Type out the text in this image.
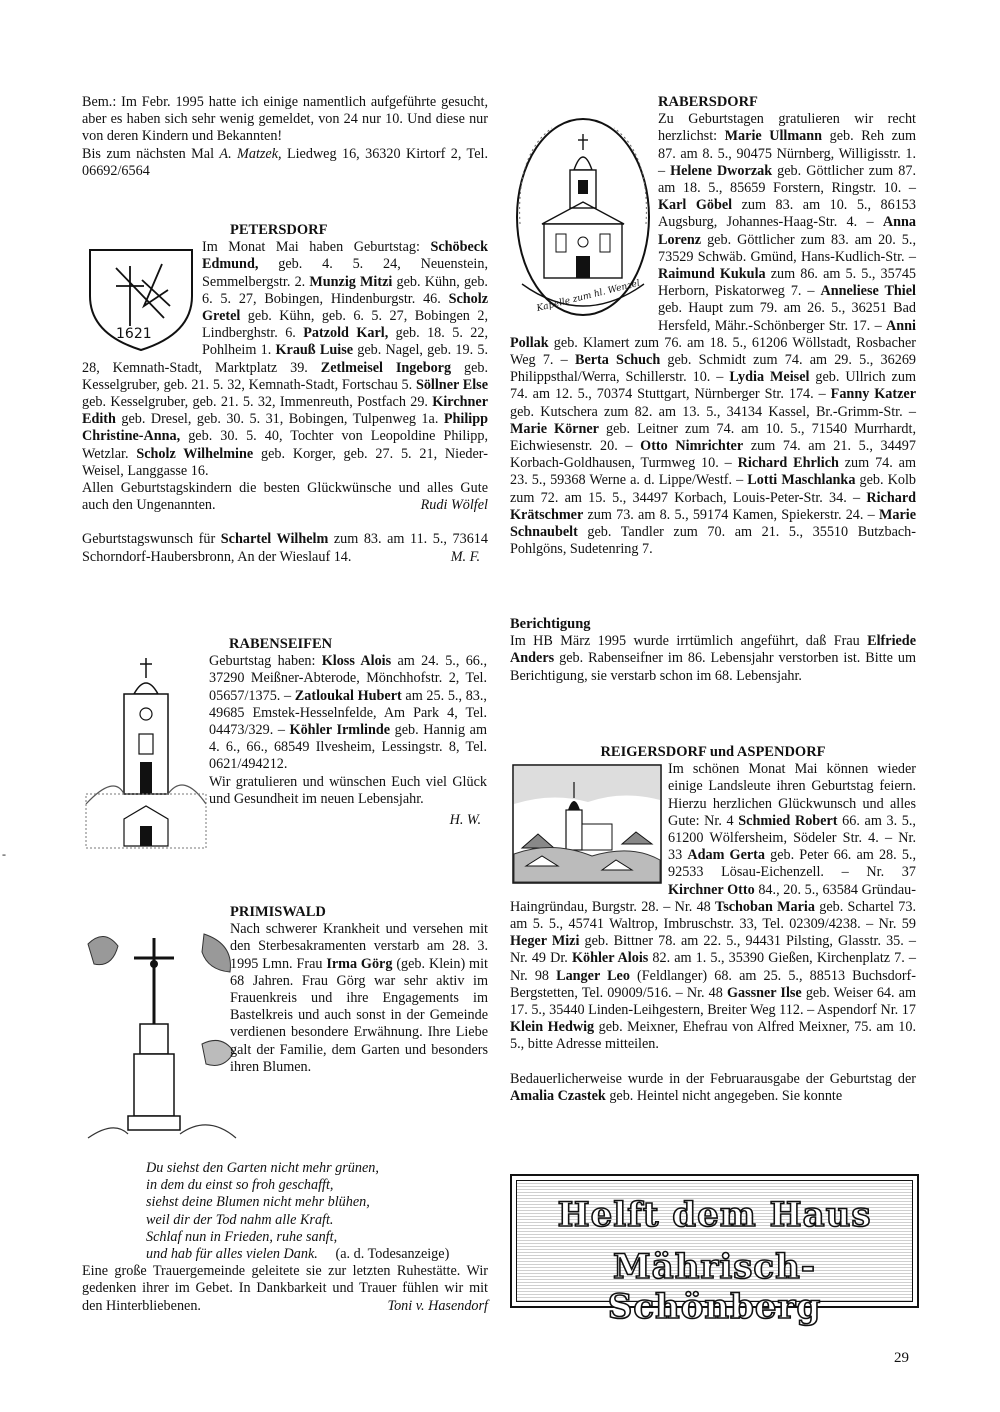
Bem.: Im Febr. 1995 hatte ich einige namentlich aufgeführte gesucht, aber es haben sich sehr wenig gemeldet, von 24 nur 10. Und diese nur von deren Kindern und Bekannten!

Bis zum nächsten Mal A. Matzek, Liedweg 16, 36320 Kirtorf 2, Tel. 06692/6564

1621

PETERSDORF

Im Monat Mai haben Geburtstag: Schöbeck Edmund, geb. 4. 5. 24, Neuenstein, Semmelbergstr. 2. Munzig Mitzi geb. Kühn, geb. 6. 5. 27, Bobingen, Hindenburgstr. 46. Scholz Gretel geb. Kühn, geb. 6. 5. 27, Bobingen 2, Lindberghstr. 6. Patzold Karl, geb. 18. 5. 22, Pohlheim 1. Krauß Luise geb. Nagel, geb. 19. 5. 28, Kemnath-Stadt, Marktplatz 39. Zetlmeisel Ingeborg geb. Kesselgruber, geb. 21. 5. 32, Kemnath-Stadt, Fortschau 5. Söllner Else geb. Kesselgruber, geb. 21. 5. 32, Immenreuth, Postfach 29. Kirchner Edith geb. Dresel, geb. 30. 5. 31, Bobingen, Tulpenweg 1a. Philipp Christine-Anna, geb. 30. 5. 40, Tochter von Leopoldine Philipp, Wetzlar. Scholz Wilhelmine geb. Korger, geb. 27. 5. 21, Nieder-Weisel, Langgasse 16.

Allen Geburtstagskindern die besten Glückwünsche und alles Gute auch den Ungenannten.	Rudi Wölfel

Geburtstagswunsch für Schartel Wilhelm zum 83. am 11. 5., 73614 Schorndorf-Haubersbronn, An der Wieslauf 14.	M. F.

RABENSEIFEN

Geburtstag haben: Kloss Alois am 24. 5., 66., 37290 Meißner-Abterode, Mönchhofstr. 2, Tel. 05657/1375. – Zatloukal Hubert am 25. 5., 83., 49685 Emstek-Hesselnfelde, Am Park 4, Tel. 04473/329. – Köhler Irmlinde geb. Hannig am 4. 6., 66., 68549 Ilvesheim, Lessingstr. 8, Tel. 0621/494212.

Wir gratulieren und wünschen Euch viel Glück und Gesundheit im neuen Lebensjahr.

H. W.

PRIMISWALD

Nach schwerer Krankheit und versehen mit den Sterbesakramenten verstarb am 28. 3. 1995 Lmn. Frau Irma Görg (geb. Klein) mit 68 Jahren. Frau Görg war sehr aktiv im Frauenkreis und ihre Engagements im Bastelkreis und auch sonst in der Gemeinde verdienen besondere Erwähnung. Ihre Liebe galt der Familie, dem Garten und besonders ihren Blumen.

Du siehst den Garten nicht mehr grünen,

in dem du einst so froh geschafft,

siehst deine Blumen nicht mehr blühen,

weil dir der Tod nahm alle Kraft.

Schlaf nun in Frieden, ruhe sanft,

und hab für alles vielen Dank. (a. d. Todesanzeige)

Eine große Trauergemeinde geleitete sie zur letzten Ruhestätte. Wir gedenken ihrer im Gebet. In Dankbarkeit und Trauer fühlen wir mit den Hinterbliebenen.	Toni v. Hasendorf

Kapelle zum hl. Wenzel

RABERSDORF

Zu Geburtstagen gratulieren wir recht herzlichst: Marie Ullmann geb. Reh zum 87. am 8. 5., 90475 Nürnberg, Willigisstr. 1. – Helene Dworzak geb. Göttlicher zum 87. am 18. 5., 85659 Forstern, Ringstr. 10. – Karl Göbel zum 83. am 10. 5., 86153 Augsburg, Johannes-Haag-Str. 4. – Anna Lorenz geb. Göttlicher zum 83. am 20. 5., 73529 Schwäb. Gmünd, Hans-Kudlich-Str. – Raimund Kukula zum 86. am 5. 5., 35745 Herborn, Piskatorweg 7. – Anneliese Thiel geb. Haupt zum 79. am 26. 5., 36251 Bad Hersfeld, Mähr.-Schönberger Str. 17. – Anni Pollak geb. Klamert zum 76. am 18. 5., 61206 Wöllstadt, Rosbacher Weg 7. – Berta Schuch geb. Schmidt zum 74. am 29. 5., 36269 Philippsthal/Werra, Schillerstr. 10. – Lydia Meisel geb. Ullrich zum 74. am 12. 5., 70374 Stuttgart, Nürnberger Str. 174. – Fanny Katzer geb. Kutschera zum 82. am 13. 5., 34134 Kassel, Br.-Grimm-Str. – Marie Körner geb. Leitner zum 74. am 10. 5., 71540 Murrhardt, Eichwiesenstr. 20. – Otto Nimrichter zum 74. am 21. 5., 34497 Korbach-Goldhausen, Turmweg 10. – Richard Ehrlich zum 74. am 23. 5., 59368 Werne a. d. Lippe/Westf. – Lotti Maschlanka geb. Kolb zum 72. am 15. 5., 34497 Korbach, Louis-Peter-Str. 34. – Richard Krätschmer zum 73. am 8. 5., 59174 Kamen, Spiekerstr. 24. – Marie Schnaubelt geb. Tandler zum 70. am 21. 5., 35510 Butzbach-Pohlgöns, Sudetenring 7.

Berichtigung

Im HB März 1995 wurde irrtümlich angeführt, daß Frau Elfriede Anders geb. Rabenseifner im 86. Lebensjahr verstorben ist. Bitte um Berichtigung, sie verstarb schon im 68. Lebensjahr.

REIGERSDORF und ASPENDORF

Im schönen Monat Mai können wieder einige Landsleute ihren Geburtstag feiern. Hierzu herzlichen Glückwunsch und alles Gute: Nr. 4 Schmied Robert 66. am 3. 5., 61200 Wölfersheim, Södeler Str. 4. – Nr. 33 Adam Gerta geb. Peter 66. am 28. 5., 92533 Lösau-Eichenzell. – Nr. 37 Kirchner Otto 84., 20. 5., 63584 Gründau-Haingründau, Burgstr. 28. – Nr. 48 Tschoban Maria geb. Schartel 73. am 5. 5., 45741 Waltrop, Imbruschstr. 33, Tel. 02309/4238. – Nr. 59 Heger Mizi geb. Bittner 78. am 22. 5., 94431 Pilsting, Glasstr. 35. – Nr. 49 Dr. Köhler Alois 82. am 1. 5., 35390 Gießen, Kirchenplatz 7. – Nr. 98 Langer Leo (Feldlanger) 68. am 25. 5., 88513 Buchsdorf-Bergstetten, Tel. 09009/516. – Nr. 48 Gassner Ilse geb. Weiser 64. am 17. 5., 35440 Linden-Leihgestern, Breiter Weg 112. – Aspendorf Nr. 17 Klein Hedwig geb. Meixner, Ehefrau von Alfred Meixner, 75. am 10. 5., bitte Adresse mitteilen.

Bedauerlicherweise wurde in der Februarausgabe der Geburtstag der Amalia Czastek geb. Heintel nicht angegeben. Sie konnte

Helft dem Haus
Mährisch-Schönberg
29
-
